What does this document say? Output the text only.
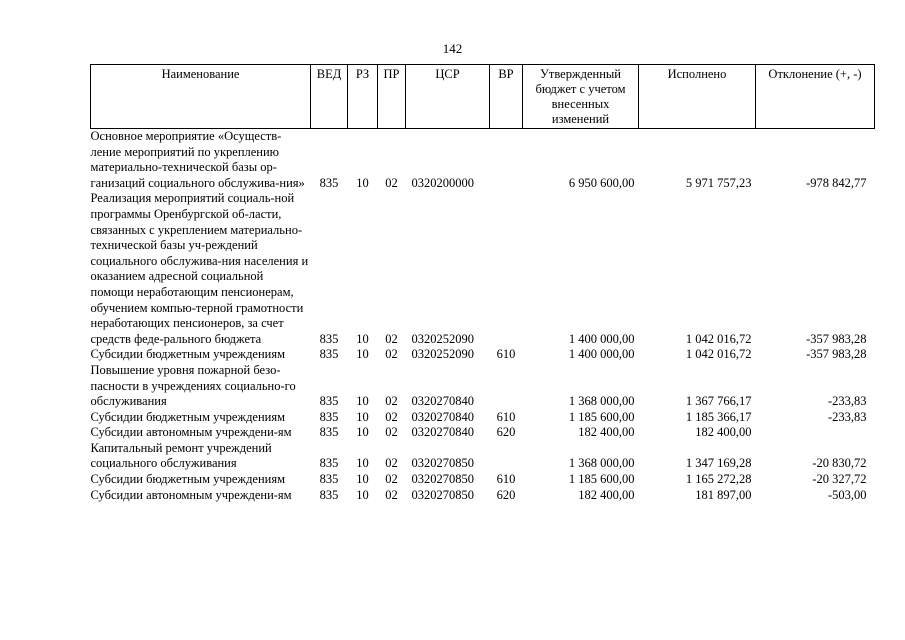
142
Наименование	ВЕД	РЗ	ПР	ЦСР	ВР	Утвержденный бюджет с учетом внесенных изменений	Исполнено	Отклонение (+, -)
Основное мероприятие «Осуществ-ление мероприятий по укреплению материально-технической базы ор-ганизаций социального обслужива-ния»	835	10	02	0320200000		6 950 600,00	5 971 757,23	-978 842,77
Реализация мероприятий социаль-ной программы Оренбургской об-ласти, связанных с укреплением материально-технической базы уч-реждений социального обслужива-ния населения и оказанием адресной социальной помощи неработающим пенсионерам, обучением компью-терной грамотности неработающих пенсионеров, за счет средств феде-рального бюджета	835	10	02	0320252090		1 400 000,00	1 042 016,72	-357 983,28
Субсидии бюджетным учреждениям	835	10	02	0320252090	610	1 400 000,00	1 042 016,72	-357 983,28
Повышение уровня пожарной безо-пасности в учреждениях социально-го обслуживания	835	10	02	0320270840		1 368 000,00	1 367 766,17	-233,83
Субсидии бюджетным учреждениям	835	10	02	0320270840	610	1 185 600,00	1 185 366,17	-233,83
Субсидии автономным учреждени-ям	835	10	02	0320270840	620	182 400,00	182 400,00	
Капитальный ремонт учреждений социального обслуживания	835	10	02	0320270850		1 368 000,00	1 347 169,28	-20 830,72
Субсидии бюджетным учреждениям	835	10	02	0320270850	610	1 185 600,00	1 165 272,28	-20 327,72
Субсидии автономным учреждени-ям	835	10	02	0320270850	620	182 400,00	181 897,00	-503,00
